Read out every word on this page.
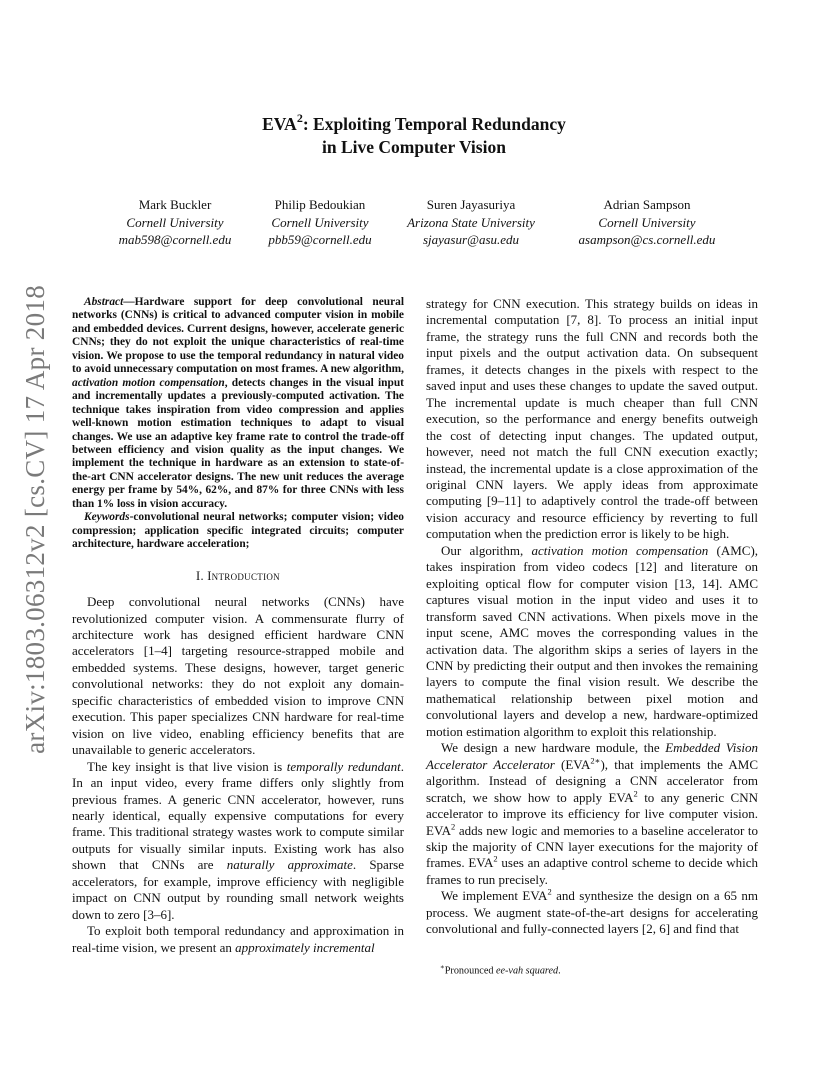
arXiv:1803.06312v2 [cs.CV] 17 Apr 2018
EVA$^2$: Exploiting Temporal Redundancy
in Live Computer Vision
Mark Buckler
Cornell University
mab598@cornell.edu
Philip Bedoukian
Cornell University
pbb59@cornell.edu
Suren Jayasuriya
Arizona State University
sjayasur@asu.edu
Adrian Sampson
Cornell University
asampson@cs.cornell.edu

Abstract—Hardware support for deep convolutional neural networks (CNNs) is critical to advanced computer vision in mobile and embedded devices. Current designs, however, accelerate generic CNNs; they do not exploit the unique characteristics of real-time vision. We propose to use the temporal redundancy in natural video to avoid unnecessary computation on most frames. A new algorithm, activation motion compensation, detects changes in the visual input and incrementally updates a previously-computed activation. The technique takes inspiration from video compression and applies well-known motion estimation techniques to adapt to visual changes. We use an adaptive key frame rate to control the trade-off between efficiency and vision quality as the input changes. We implement the technique in hardware as an extension to state-of-the-art CNN accelerator designs. The new unit reduces the average energy per frame by 54%, 62%, and 87% for three CNNs with less than 1% loss in vision accuracy.

Keywords-convolutional neural networks; computer vision; video compression; application specific integrated circuits; computer architecture, hardware acceleration;

I. Introduction

Deep convolutional neural networks (CNNs) have revolutionized computer vision. A commensurate flurry of architecture work has designed efficient hardware CNN accelerators [1–4] targeting resource-strapped mobile and embedded systems. These designs, however, target generic convolutional networks: they do not exploit any domain-specific characteristics of embedded vision to improve CNN execution. This paper specializes CNN hardware for real-time vision on live video, enabling efficiency benefits that are unavailable to generic accelerators.

The key insight is that live vision is temporally redundant. In an input video, every frame differs only slightly from previous frames. A generic CNN accelerator, however, runs nearly identical, equally expensive computations for every frame. This traditional strategy wastes work to compute similar outputs for visually similar inputs. Existing work has also shown that CNNs are naturally approximate. Sparse accelerators, for example, improve efficiency with negligible impact on CNN output by rounding small network weights down to zero [3–6].

To exploit both temporal redundancy and approximation in real-time vision, we present an approximately incremental

strategy for CNN execution. This strategy builds on ideas in incremental computation [7, 8]. To process an initial input frame, the strategy runs the full CNN and records both the input pixels and the output activation data. On subsequent frames, it detects changes in the pixels with respect to the saved input and uses these changes to update the saved output. The incremental update is much cheaper than full CNN execution, so the performance and energy benefits outweigh the cost of detecting input changes. The updated output, however, need not match the full CNN execution exactly; instead, the incremental update is a close approximation of the original CNN layers. We apply ideas from approximate computing [9–11] to adaptively control the trade-off between vision accuracy and resource efficiency by reverting to full computation when the prediction error is likely to be high.

Our algorithm, activation motion compensation (AMC), takes inspiration from video codecs [12] and literature on exploiting optical flow for computer vision [13, 14]. AMC captures visual motion in the input video and uses it to transform saved CNN activations. When pixels move in the input scene, AMC moves the corresponding values in the activation data. The algorithm skips a series of layers in the CNN by predicting their output and then invokes the remaining layers to compute the final vision result. We describe the mathematical relationship between pixel motion and convolutional layers and develop a new, hardware-optimized motion estimation algorithm to exploit this relationship.

We design a new hardware module, the Embedded Vision Accelerator Accelerator $(EVA^{2∗})$, that implements the AMC algorithm. Instead of designing a CNN accelerator from scratch, we show how to apply EVA$^2$ to any generic CNN accelerator to improve its efficiency for live computer vision. EVA$^2$ adds new logic and memories to a baseline accelerator to skip the majority of CNN layer executions for the majority of frames. EVA$^2$ uses an adaptive control scheme to decide which frames to run precisely.

We implement EVA$^2$ and synthesize the design on a 65 nm process. We augment state-of-the-art designs for accelerating convolutional and fully-connected layers [2, 6] and find that

∗Pronounced ee-vah squared.
